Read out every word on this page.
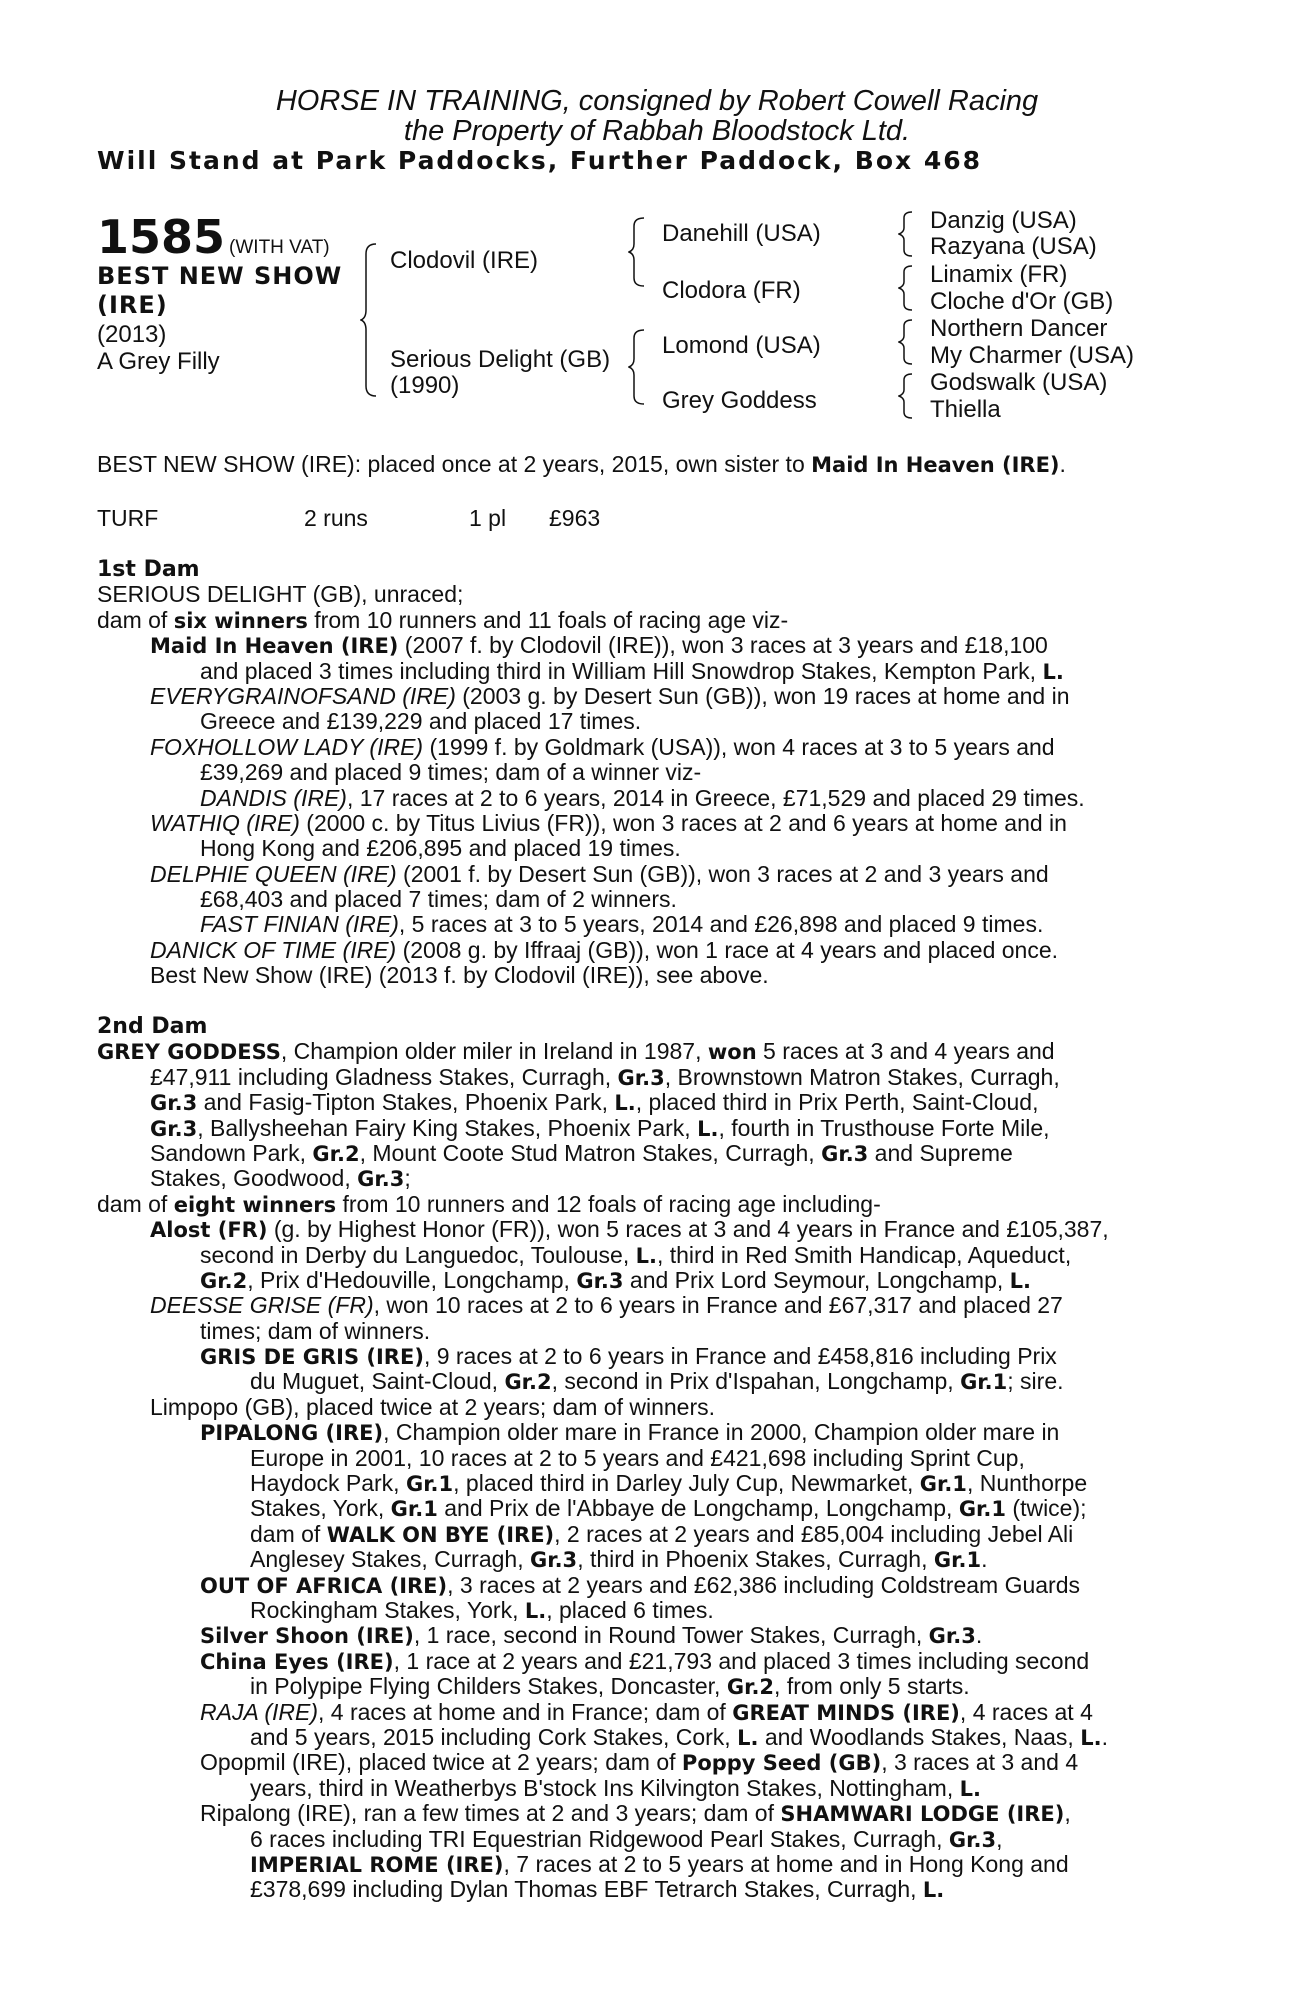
HORSE IN TRAINING, consigned by Robert Cowell Racing
the Property of Rabbah Bloodstock Ltd.
Will Stand at Park Paddocks, Further Paddock, Box 468
1585 (WITH VAT)
BEST NEW SHOW
(IRE)
(2013)
A Grey Filly
Clodovil (IRE)
Serious Delight (GB)
(1990)
Danehill (USA)
Clodora (FR)
Lomond (USA)
Grey Goddess
Danzig (USA)
Razyana (USA)
Linamix (FR)
Cloche d'Or (GB)
Northern Dancer
My Charmer (USA)
Godswalk (USA)
Thiella
BEST NEW SHOW (IRE): placed once at 2 years, 2015, own sister to Maid In Heaven (IRE).
TURF	2 runs	1 pl £963
1st Dam
SERIOUS DELIGHT (GB), unraced;
dam of six winners from 10 runners and 11 foals of racing age viz-
Maid In Heaven (IRE) (2007 f. by Clodovil (IRE)), won 3 races at 3 years and £18,100
and placed 3 times including third in William Hill Snowdrop Stakes, Kempton Park, L.
EVERYGRAINOFSAND (IRE) (2003 g. by Desert Sun (GB)), won 19 races at home and in
Greece and £139,229 and placed 17 times.
FOXHOLLOW LADY (IRE) (1999 f. by Goldmark (USA)), won 4 races at 3 to 5 years and
£39,269 and placed 9 times; dam of a winner viz-
DANDIS (IRE), 17 races at 2 to 6 years, 2014 in Greece, £71,529 and placed 29 times.
WATHIQ (IRE) (2000 c. by Titus Livius (FR)), won 3 races at 2 and 6 years at home and in
Hong Kong and £206,895 and placed 19 times.
DELPHIE QUEEN (IRE) (2001 f. by Desert Sun (GB)), won 3 races at 2 and 3 years and
£68,403 and placed 7 times; dam of 2 winners.
FAST FINIAN (IRE), 5 races at 3 to 5 years, 2014 and £26,898 and placed 9 times.
DANICK OF TIME (IRE) (2008 g. by Iffraaj (GB)), won 1 race at 4 years and placed once.
Best New Show (IRE) (2013 f. by Clodovil (IRE)), see above.
2nd Dam
GREY GODDESS, Champion older miler in Ireland in 1987, won 5 races at 3 and 4 years and
£47,911 including Gladness Stakes, Curragh, Gr.3, Brownstown Matron Stakes, Curragh,
Gr.3 and Fasig-Tipton Stakes, Phoenix Park, L., placed third in Prix Perth, Saint-Cloud,
Gr.3, Ballysheehan Fairy King Stakes, Phoenix Park, L., fourth in Trusthouse Forte Mile,
Sandown Park, Gr.2, Mount Coote Stud Matron Stakes, Curragh, Gr.3 and Supreme
Stakes, Goodwood, Gr.3;
dam of eight winners from 10 runners and 12 foals of racing age including-
Alost (FR) (g. by Highest Honor (FR)), won 5 races at 3 and 4 years in France and £105,387,
second in Derby du Languedoc, Toulouse, L., third in Red Smith Handicap, Aqueduct,
Gr.2, Prix d'Hedouville, Longchamp, Gr.3 and Prix Lord Seymour, Longchamp, L.
DEESSE GRISE (FR), won 10 races at 2 to 6 years in France and £67,317 and placed 27
times; dam of winners.
GRIS DE GRIS (IRE), 9 races at 2 to 6 years in France and £458,816 including Prix
du Muguet, Saint-Cloud, Gr.2, second in Prix d'Ispahan, Longchamp, Gr.1; sire.
Limpopo (GB), placed twice at 2 years; dam of winners.
PIPALONG (IRE), Champion older mare in France in 2000, Champion older mare in
Europe in 2001, 10 races at 2 to 5 years and £421,698 including Sprint Cup,
Haydock Park, Gr.1, placed third in Darley July Cup, Newmarket, Gr.1, Nunthorpe
Stakes, York, Gr.1 and Prix de l'Abbaye de Longchamp, Longchamp, Gr.1 (twice);
dam of WALK ON BYE (IRE), 2 races at 2 years and £85,004 including Jebel Ali
Anglesey Stakes, Curragh, Gr.3, third in Phoenix Stakes, Curragh, Gr.1.
OUT OF AFRICA (IRE), 3 races at 2 years and £62,386 including Coldstream Guards
Rockingham Stakes, York, L., placed 6 times.
Silver Shoon (IRE), 1 race, second in Round Tower Stakes, Curragh, Gr.3.
China Eyes (IRE), 1 race at 2 years and £21,793 and placed 3 times including second
in Polypipe Flying Childers Stakes, Doncaster, Gr.2, from only 5 starts.
RAJA (IRE), 4 races at home and in France; dam of GREAT MINDS (IRE), 4 races at 4
and 5 years, 2015 including Cork Stakes, Cork, L. and Woodlands Stakes, Naas, L..
Opopmil (IRE), placed twice at 2 years; dam of Poppy Seed (GB), 3 races at 3 and 4
years, third in Weatherbys B'stock Ins Kilvington Stakes, Nottingham, L.
Ripalong (IRE), ran a few times at 2 and 3 years; dam of SHAMWARI LODGE (IRE),
6 races including TRI Equestrian Ridgewood Pearl Stakes, Curragh, Gr.3,
IMPERIAL ROME (IRE), 7 races at 2 to 5 years at home and in Hong Kong and
£378,699 including Dylan Thomas EBF Tetrarch Stakes, Curragh, L.
